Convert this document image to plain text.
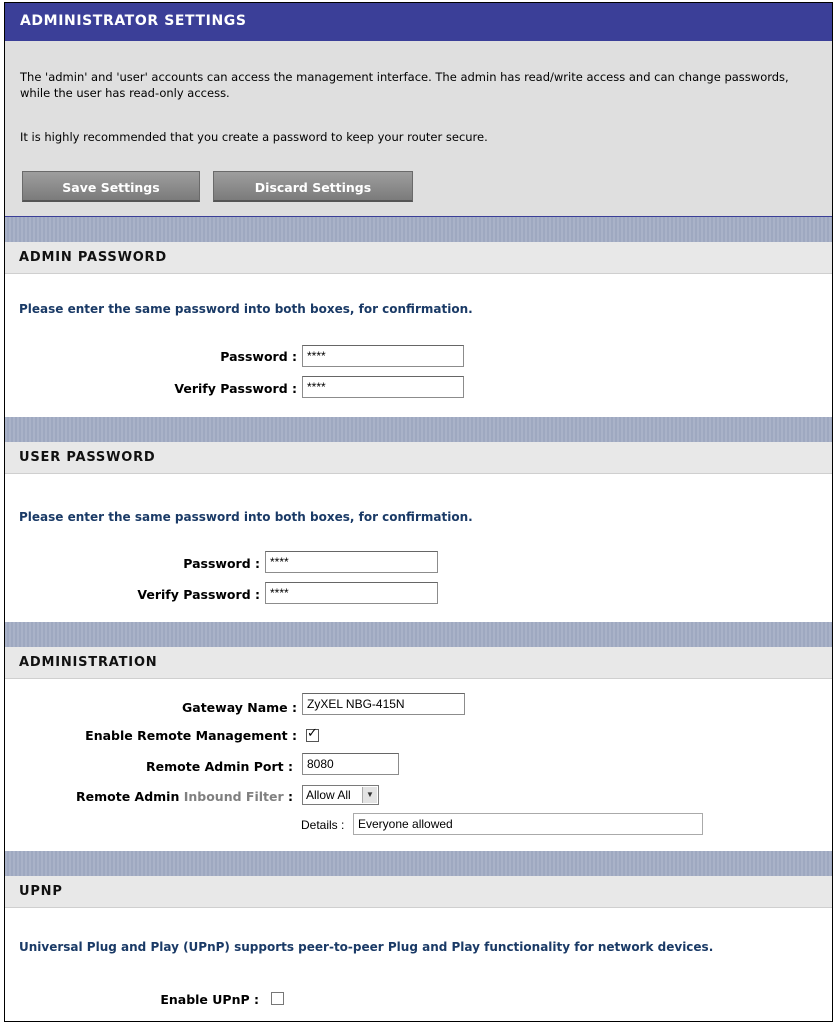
ADMINISTRATOR SETTINGS
The 'admin' and 'user' accounts can access the management interface. The admin has read/write access and can change passwords, while the user has read-only access.
It is highly recommended that you create a password to keep your router secure.
Save Settings	Discard Settings
ADMIN PASSWORD
Please enter the same password into both boxes, for confirmation.
Password :
****
Verify Password :
****
USER PASSWORD
Please enter the same password into both boxes, for confirmation.
Password :
****
Verify Password :
****
ADMINISTRATION
Gateway Name :
ZyXEL NBG-415N
Enable Remote Management : ✓
Remote Admin Port :
8080
Remote Admin Inbound Filter : Allow All	▼
Details :
Everyone allowed
UPNP
Universal Plug and Play (UPnP) supports peer-to-peer Plug and Play functionality for network devices.
Enable UPnP :
